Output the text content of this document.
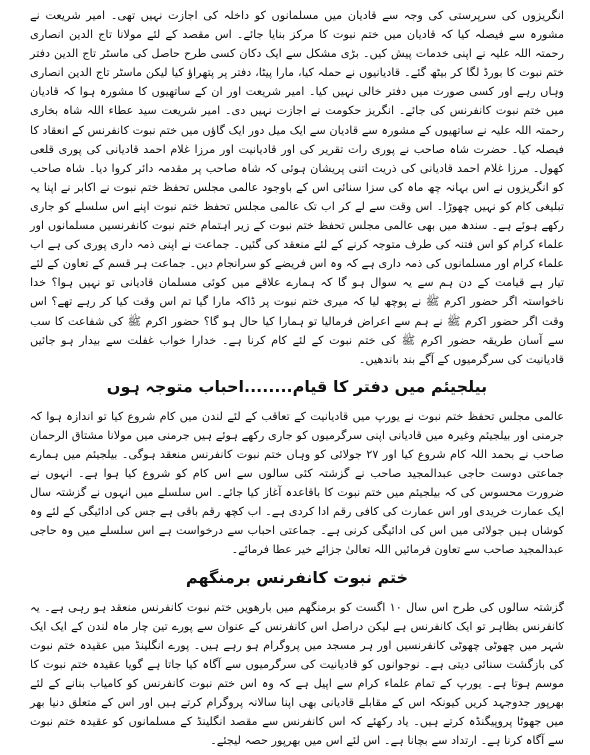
انگریزوں کی سرپرستی کی وجہ سے قادیان میں مسلمانوں کو داخلہ کی اجازت نہیں تھی۔ امیر شریعت نے مشورہ سے فیصلہ کیا کہ قادیان میں ختم نبوت کا مرکز بنایا جائے۔ اس مقصد کے لئے مولانا تاج الدین انصاری رحمتہ اللہ علیہ نے اپنی خدمات پیش کیں۔ بڑی مشکل سے ایک دکان کسی طرح حاصل کی ماسٹر تاج الدین دفتر ختم نبوت کا بورڈ لگا کر بیٹھ گئے۔ قادیانیوں نے حملہ کیا، مارا پیٹا، دفتر پر پتھراؤ کیا لیکن ماسٹر تاج الدین انصاری وہاں رہے اور کسی صورت میں دفتر خالی نہیں کیا۔ امیر شریعت اور ان کے ساتھیوں کا مشورہ ہوا کہ قادیان میں ختم نبوت کانفرنس کی جائے۔ انگریز حکومت نے اجازت نہیں دی۔ امیر شریعت سید عطاء اللہ شاہ بخاری رحمتہ اللہ علیہ نے ساتھیوں کے مشورہ سے قادیان سے ایک میل دور ایک گاؤں میں ختم نبوت کانفرنس کے انعقاد کا فیصلہ کیا۔ حضرت شاہ صاحب نے پوری رات تقریر کی اور قادیانیت اور مرزا غلام احمد قادیانی کی پوری قلعی کھول۔ مرزا غلام احمد قادیانی کی ذریت اتنی پریشان ہوئی کہ شاہ صاحب پر مقدمہ دائر کروا دیا۔ شاہ صاحب کو انگریزوں نے اس بہانہ چھ ماہ کی سزا سنائی اس کے باوجود عالمی مجلس تحفظ ختم نبوت نے اکابر نے اپنا یہ تبلیغی کام کو نہیں چھوڑا۔ اس وقت سے لے کر اب تک عالمی مجلس تحفظ ختم نبوت اپنے اس سلسلے کو جاری رکھے ہوئے ہے۔ سندھ میں بھی عالمی مجلس تحفظ ختم نبوت کے زیر اہتمام ختم نبوت کانفرنسیں مسلمانوں اور علماء کرام کو اس فتنہ کی طرف متوجہ کرنے کے لئے منعقد کی گئیں۔ جماعت نے اپنی ذمہ داری پوری کی ہے اب علماء کرام اور مسلمانوں کی ذمہ داری ہے کہ وہ اس فریضے کو سرانجام دیں۔ جماعت ہر قسم کے تعاون کے لئے تیار ہے قیامت کے دن ہم سے یہ سوال ہو گا کہ ہمارے علاقے میں کوئی مسلمان قادیانی تو نہیں ہوا؟ خدا ناخواستہ اگر حضور اکرم ﷺ نے پوچھ لیا کہ میری ختم نبوت پر ڈاکہ مارا گیا تم اس وقت کیا کر رہے تھے؟ اس وقت اگر حضور اکرم ﷺ نے ہم سے اعراض فرمالیا تو ہمارا کیا حال ہو گا؟ حضور اکرم ﷺ کی شفاعت کا سب سے آسان طریقہ حضور اکرم ﷺ کی ختم نبوت کے لئے کام کرنا ہے۔ خدارا خواب غفلت سے بیدار ہو جائیں قادیانیت کی سرگرمیوں کے آگے بند باندھیں۔

بیلجیئم میں دفتر کا قیام........احباب متوجہ ہوں

عالمی مجلس تحفظ ختم نبوت نے یورپ میں قادیانیت کے تعاقب کے لئے لندن میں کام شروع کیا تو اندازہ ہوا کہ جرمنی اور بیلجیئم وغیرہ میں قادیانی اپنی سرگرمیوں کو جاری رکھے ہوئے ہیں جرمنی میں مولانا مشتاق الرحمان صاحب نے بحمد اللہ کام شروع کیا اور ۲۷ جولائی کو وہاں ختم نبوت کانفرنس منعقد ہوگی۔ بیلجیئم میں ہمارے جماعتی دوست حاجی عبدالمجید صاحب نے گزشتہ کئی سالوں سے اس کام کو شروع کیا ہوا ہے۔ انہوں نے ضرورت محسوس کی کہ بیلجیئم میں ختم نبوت کا باقاعدہ آغاز کیا جائے۔ اس سلسلے میں انہوں نے گزشتہ سال ایک عمارت خریدی اور اس عمارت کی کافی رقم ادا کردی ہے۔ اب کچھ رقم باقی ہے جس کی ادائیگی کے لئے وہ کوشاں ہیں جولائی میں اس کی ادائیگی کرنی ہے۔ جماعتی احباب سے درخواست ہے اس سلسلے میں وہ حاجی عبدالمجید صاحب سے تعاون فرمائیں اللہ تعالیٰ جزائے خیر عطا فرمائے۔

ختم نبوت کانفرنس برمنگھم

گزشتہ سالوں کی طرح اس سال ۱۰ اگست کو برمنگھم میں بارھویں ختم نبوت کانفرنس منعقد ہو رہی ہے۔ یہ کانفرنس بظاہر تو ایک کانفرنس ہے لیکن دراصل اس کانفرنس کے عنوان سے پورے تین چار ماہ لندن کے ایک ایک شہر میں چھوٹی چھوٹی کانفرنسیں اور ہر مسجد میں پروگرام ہو رہے ہیں۔ پورے انگلینڈ میں عقیدہ ختم نبوت کی بازگشت سنائی دیتی ہے۔ نوجوانوں کو قادیانیت کی سرگرمیوں سے آگاہ کیا جاتا ہے گویا عقیدہ ختم نبوت کا موسم ہوتا ہے۔ یورپ کے تمام علماء کرام سے اپیل ہے کہ وہ اس ختم نبوت کانفرنس کو کامیاب بنانے کے لئے بھرپور جدوجہد کریں کیونکہ اس کے مقابلے قادیانی بھی اپنا سالانہ پروگرام کرتے ہیں اور اس کے متعلق دنیا بھر میں جھوٹا پروپیگنڈہ کرتے ہیں۔ یاد رکھئے کہ اس کانفرنس سے مقصد انگلینڈ کے مسلمانوں کو عقیدہ ختم نبوت سے آگاہ کرنا ہے۔ ارتداد سے بچانا ہے۔ اس لئے اس میں بھرپور حصہ لیجئے۔
